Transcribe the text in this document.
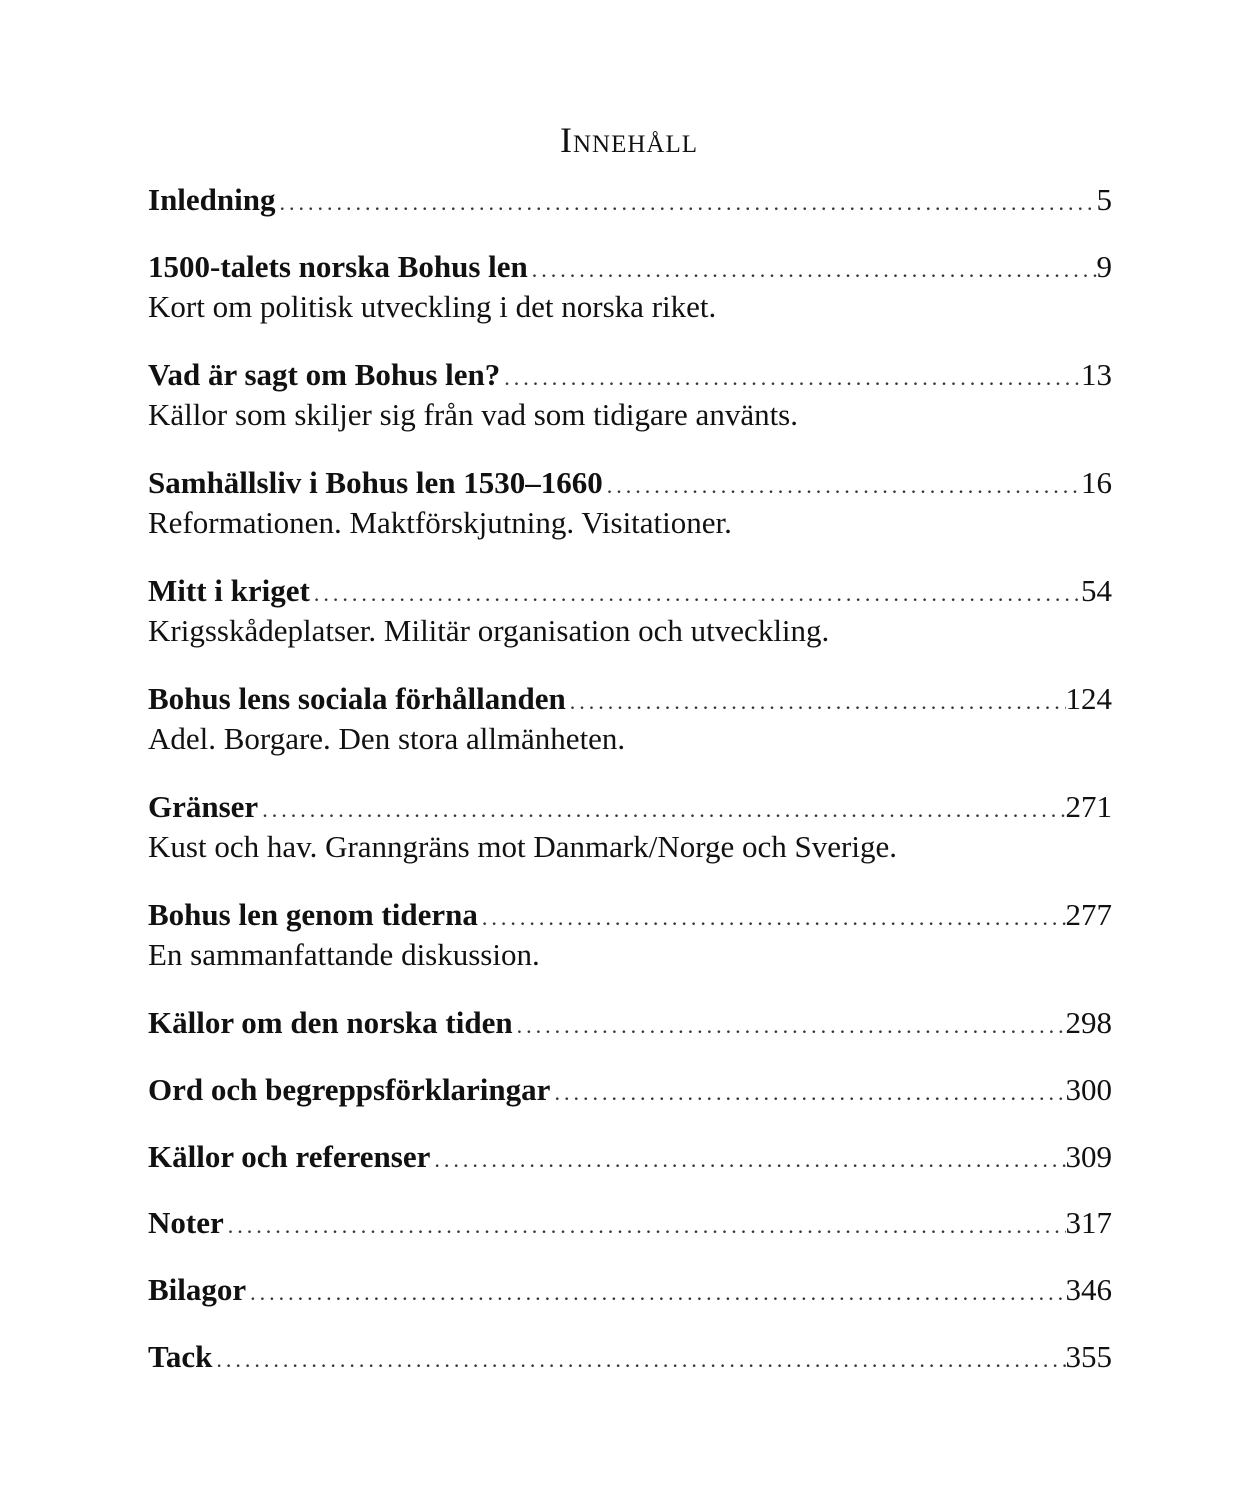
Innehåll
Inledning .....	5
1500-talets norska Bohus len .....	9
Kort om politisk utveckling i det norska riket.
Vad är sagt om Bohus len? .....	13
Källor som skiljer sig från vad som tidigare använts.
Samhällsliv i Bohus len 1530–1660 .....	16
Reformationen. Maktförskjutning. Visitationer.
Mitt i kriget .....	54
Krigsskådeplatser. Militär organisation och utveckling.
Bohus lens sociala förhållanden .....	124
Adel. Borgare. Den stora allmänheten.
Gränser .....	271
Kust och hav. Granngräns mot Danmark/Norge och Sverige.
Bohus len genom tiderna .....	277
En sammanfattande diskussion.
Källor om den norska tiden .....	298
Ord och begreppsförklaringar .....	300
Källor och referenser .....	309
Noter .....	317
Bilagor .....	346
Tack .....	355
